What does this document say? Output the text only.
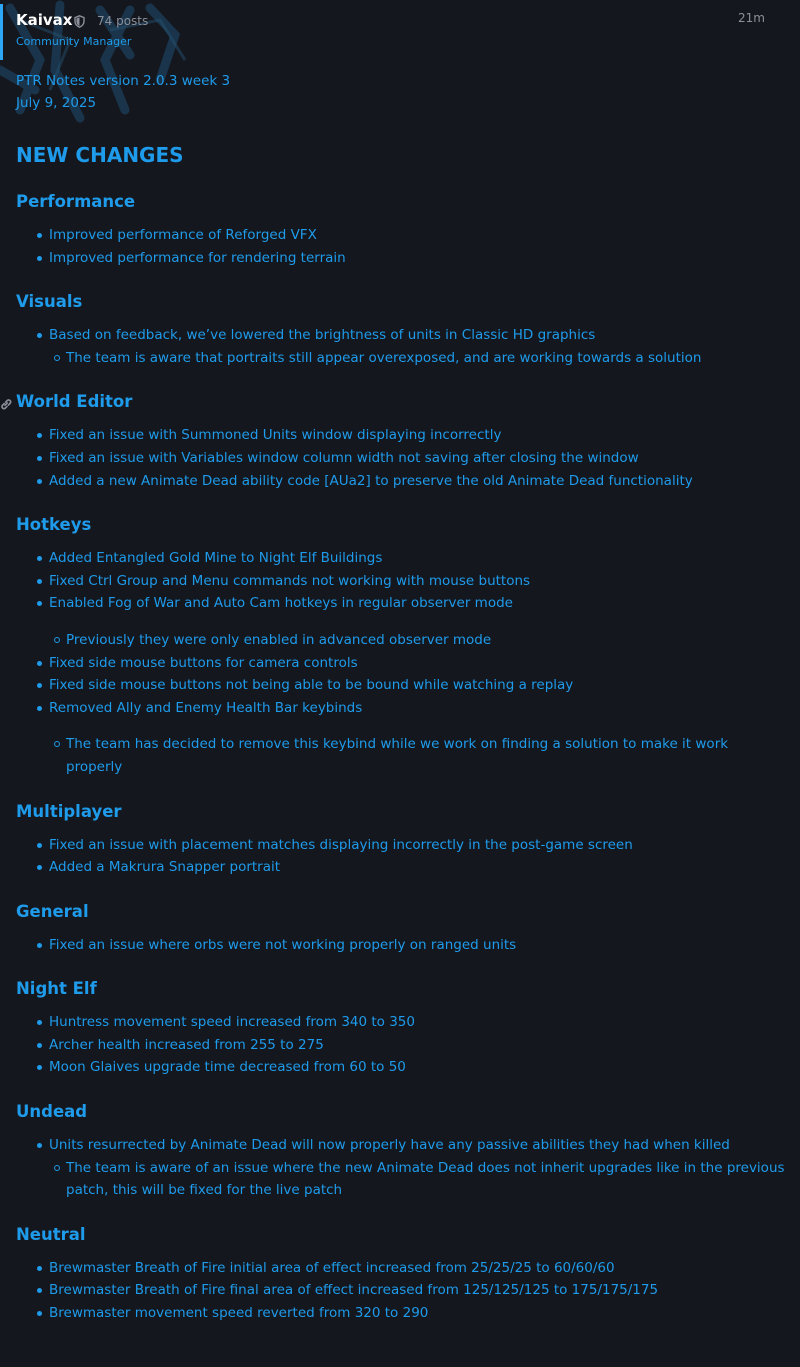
Kaivax 74 posts
Community Manager
21m
PTR Notes version 2.0.3 week 3
July 9, 2025
NEW CHANGES
Performance
Improved performance of Reforged VFX
Improved performance for rendering terrain
Visuals
Based on feedback, we’ve lowered the brightness of units in Classic HD graphics
The team is aware that portraits still appear overexposed, and are working towards a solution
World Editor
Fixed an issue with Summoned Units window displaying incorrectly
Fixed an issue with Variables window column width not saving after closing the window
Added a new Animate Dead ability code [AUa2] to preserve the old Animate Dead functionality
Hotkeys
Added Entangled Gold Mine to Night Elf Buildings
Fixed Ctrl Group and Menu commands not working with mouse buttons
Enabled Fog of War and Auto Cam hotkeys in regular observer mode
Previously they were only enabled in advanced observer mode
Fixed side mouse buttons for camera controls
Fixed side mouse buttons not being able to be bound while watching a replay
Removed Ally and Enemy Health Bar keybinds
The team has decided to remove this keybind while we work on finding a solution to make it work properly
Multiplayer
Fixed an issue with placement matches displaying incorrectly in the post-game screen
Added a Makrura Snapper portrait
General
Fixed an issue where orbs were not working properly on ranged units
Night Elf
Huntress movement speed increased from 340 to 350
Archer health increased from 255 to 275
Moon Glaives upgrade time decreased from 60 to 50
Undead
Units resurrected by Animate Dead will now properly have any passive abilities they had when killed
The team is aware of an issue where the new Animate Dead does not inherit upgrades like in the previous patch, this will be fixed for the live patch
Neutral
Brewmaster Breath of Fire initial area of effect increased from 25/25/25 to 60/60/60
Brewmaster Breath of Fire final area of effect increased from 125/125/125 to 175/175/175
Brewmaster movement speed reverted from 320 to 290
